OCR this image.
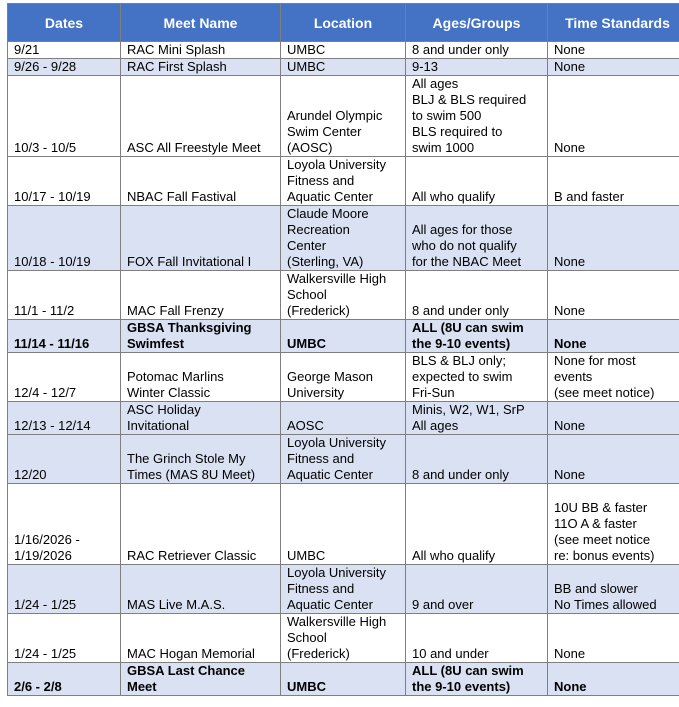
Dates	Meet Name	Location	Ages/Groups	Time Standards
9/21	RAC Mini Splash	UMBC	8 and under only	None
9/26 - 9/28	RAC First Splash	UMBC	9-13	None
10/3 - 10/5	ASC All Freestyle Meet	Arundel Olympic
Swim Center
(AOSC)	All ages
BLJ & BLS required
to swim 500
BLS required to
swim 1000	None
10/17 - 10/19	NBAC Fall Fastival	Loyola University
Fitness and
Aquatic Center	All who qualify	B and faster
10/18 - 10/19	FOX Fall Invitational I	Claude Moore
Recreation
Center
(Sterling, VA)	All ages for those
who do not qualify
for the NBAC Meet	None
11/1 - 11/2	MAC Fall Frenzy	Walkersville High
School
(Frederick)	8 and under only	None
11/14 - 11/16	GBSA Thanksgiving
Swimfest	UMBC	ALL (8U can swim
the 9-10 events)	None
12/4 - 12/7	Potomac Marlins
Winter Classic	George Mason
University	BLS & BLJ only;
expected to swim
Fri-Sun	None for most
events
(see meet notice)
12/13 - 12/14	ASC Holiday
Invitational	AOSC	Minis, W2, W1, SrP
All ages	None
12/20	The Grinch Stole My
Times (MAS 8U Meet)	Loyola University
Fitness and
Aquatic Center	8 and under only	None
1/16/2026 -
1/19/2026	RAC Retriever Classic	UMBC	All who qualify	10U BB & faster
11O A & faster
(see meet notice
re: bonus events)
1/24 - 1/25	MAS Live M.A.S.	Loyola University
Fitness and
Aquatic Center	9 and over	BB and slower
No Times allowed
1/24 - 1/25	MAC Hogan Memorial	Walkersville High
School
(Frederick)	10 and under	None
2/6 - 2/8	GBSA Last Chance
Meet	UMBC	ALL (8U can swim
the 9-10 events)	None
